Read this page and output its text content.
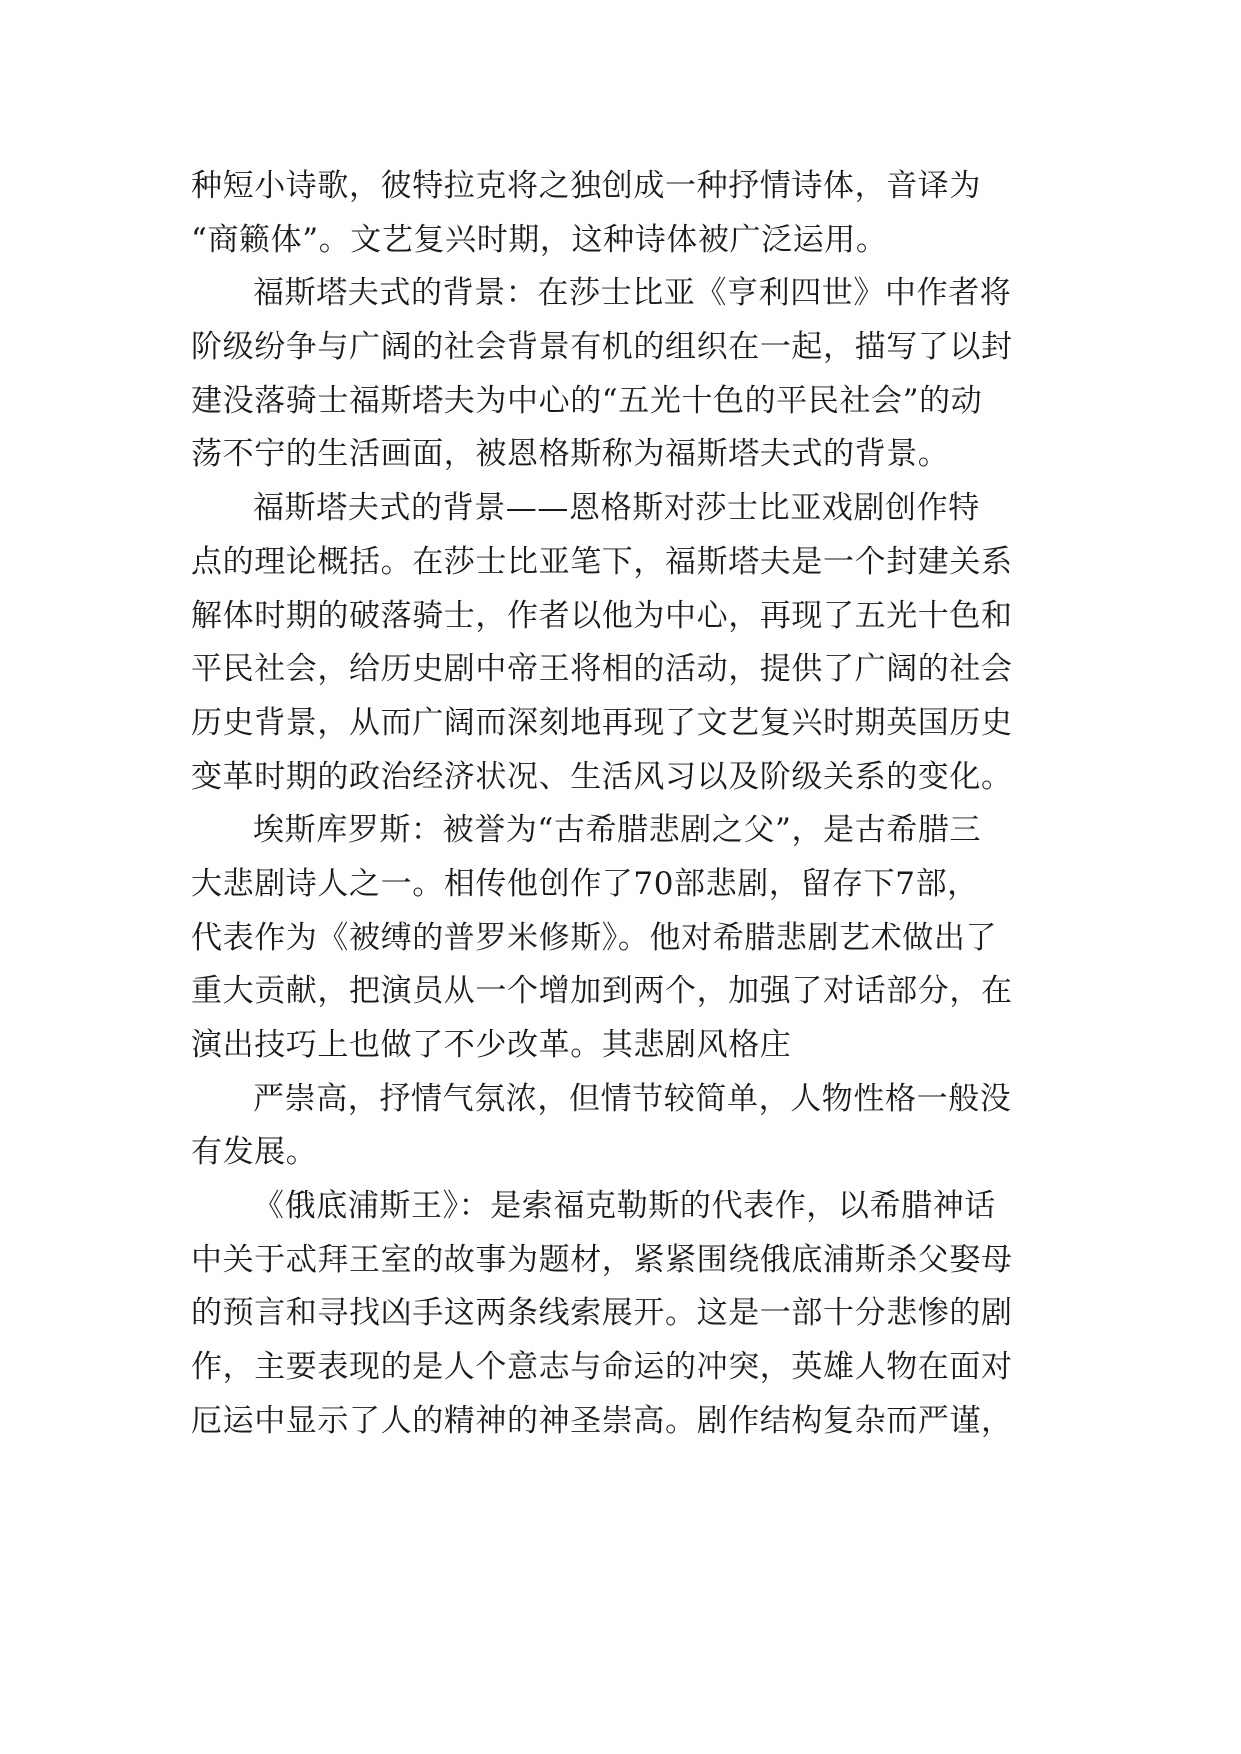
种短小诗歌，彼特拉克将之独创成一种抒情诗体，音译为
“商籁体”。文艺复兴时期，这种诗体被广泛运用。
福斯塔夫式的背景：在莎士比亚《亨利四世》中作者将
阶级纷争与广阔的社会背景有机的组织在一起，描写了以封
建没落骑士福斯塔夫为中心的“五光十色的平民社会”的动
荡不宁的生活画面，被恩格斯称为福斯塔夫式的背景。
福斯塔夫式的背景——恩格斯对莎士比亚戏剧创作特
点的理论概括。在莎士比亚笔下，福斯塔夫是一个封建关系
解体时期的破落骑士，作者以他为中心，再现了五光十色和
平民社会，给历史剧中帝王将相的活动，提供了广阔的社会
历史背景，从而广阔而深刻地再现了文艺复兴时期英国历史
变革时期的政治经济状况、生活风习以及阶级关系的变化。
埃斯库罗斯：被誉为“古希腊悲剧之父”，是古希腊三
大悲剧诗人之一。相传他创作了70部悲剧，留存下7部，
代表作为《被缚的普罗米修斯》。他对希腊悲剧艺术做出了
重大贡献，把演员从一个增加到两个，加强了对话部分，在
演出技巧上也做了不少改革。其悲剧风格庄
严崇高，抒情气氛浓，但情节较简单，人物性格一般没
有发展。
《俄底浦斯王》：是索福克勒斯的代表作，以希腊神话
中关于忒拜王室的故事为题材，紧紧围绕俄底浦斯杀父娶母
的预言和寻找凶手这两条线索展开。这是一部十分悲惨的剧
作，主要表现的是人个意志与命运的冲突，英雄人物在面对
厄运中显示了人的精神的神圣崇高。剧作结构复杂而严谨，
